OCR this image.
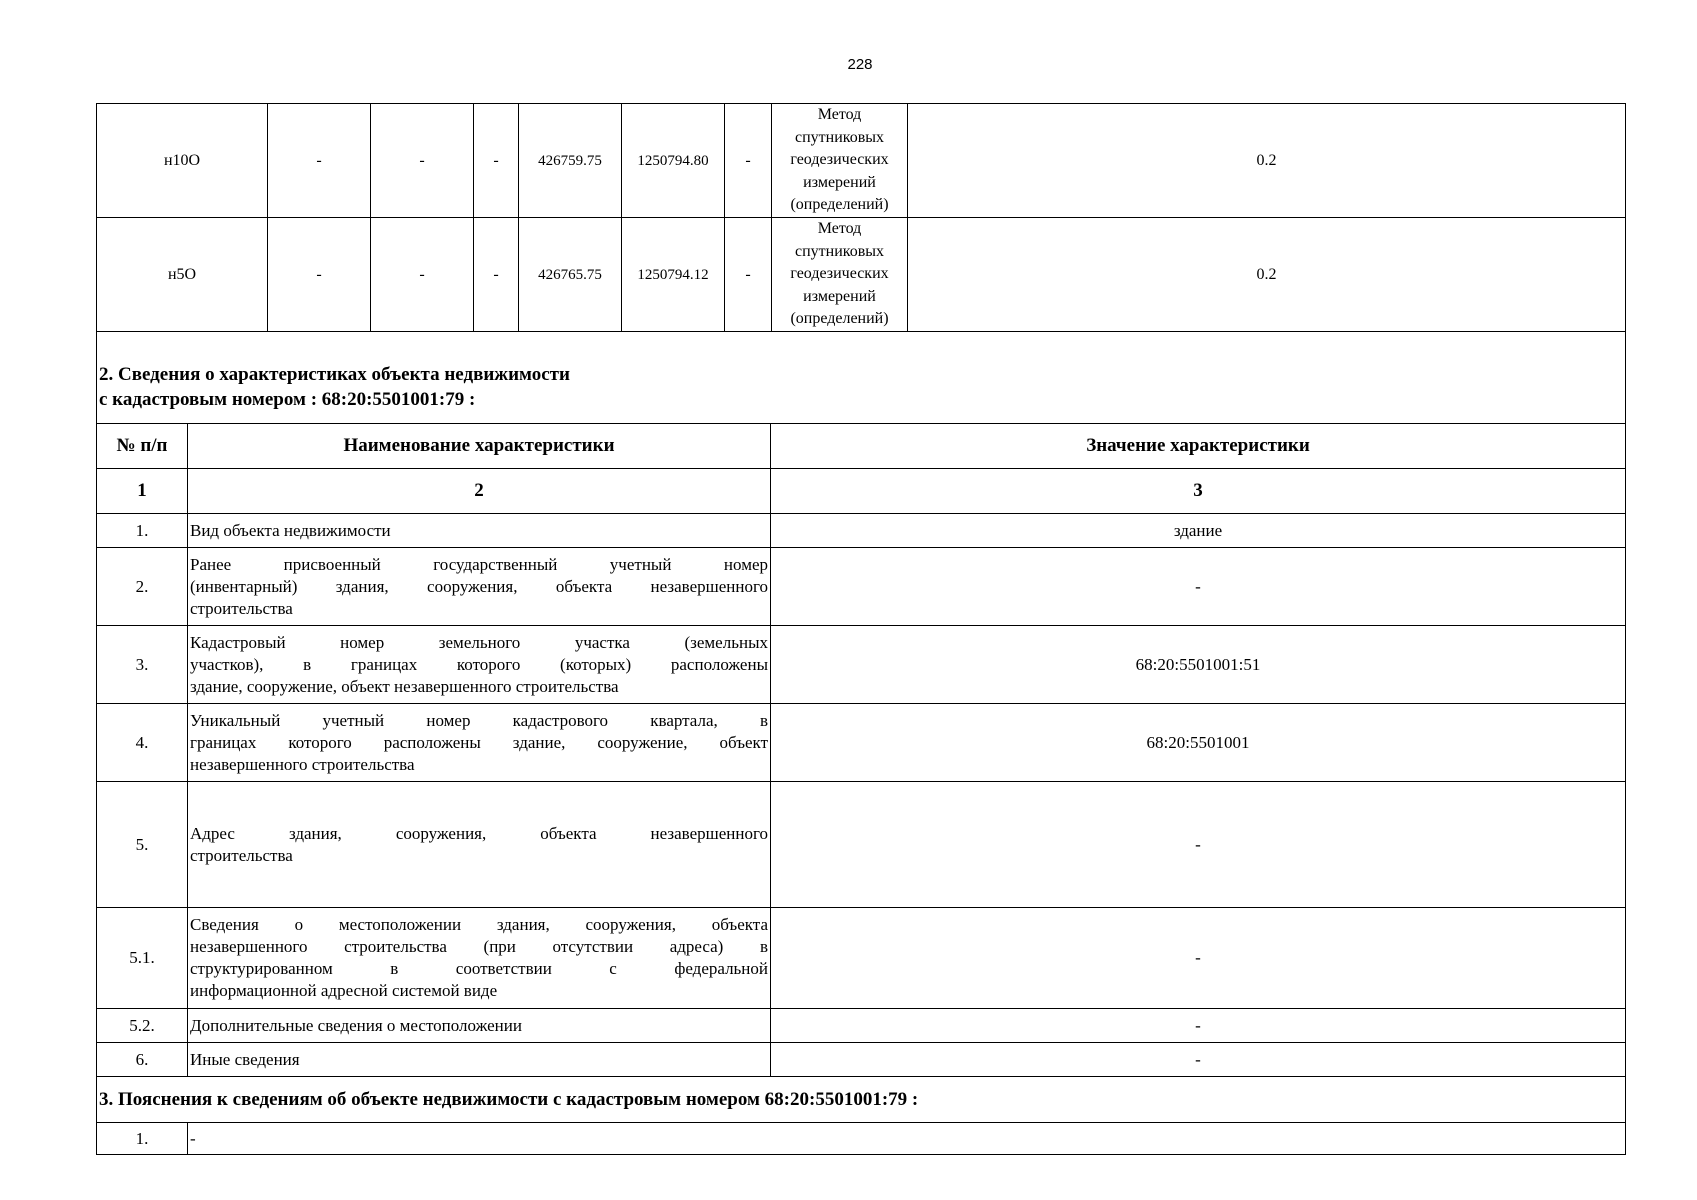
228
н10О	-	-	-	426759.75	1250794.80	-	Метод
спутниковых
геодезических
измерений
(определений)	0.2
н5О	-	-	-	426765.75	1250794.12	-	Метод
спутниковых
геодезических
измерений
(определений)	0.2
2. Сведения о характеристиках объекта недвижимости
с кадастровым номером : 68:20:5501001:79 :		

№ п/п	Наименование характеристики	Значение характеристики
1	2	3
1.	Вид объекта недвижимости	здание
2.	Ранее присвоенный государственный учетный номер
(инвентарный) здания, сооружения, объекта незавершенного
строительства	-
3.	Кадастровый номер земельного участка (земельных
участков), в границах которого (которых) расположены
здание, сооружение, объект незавершенного строительства	68:20:5501001:51
4.	Уникальный учетный номер кадастрового квартала, в
границах которого расположены здание, сооружение, объект
незавершенного строительства	68:20:5501001
5.	Адрес здания, сооружения, объекта незавершенного
строительства	-
5.1.	Сведения о местоположении здания, сооружения, объекта
незавершенного строительства (при отсутствии адреса) в
структурированном в соответствии с федеральной
информационной адресной системой виде	-
5.2.	Дополнительные сведения о местоположении	-
6.	Иные сведения	-
3. Пояснения к сведениям об объекте недвижимости с кадастровым номером 68:20:5501001:79 :		
1.	-	
